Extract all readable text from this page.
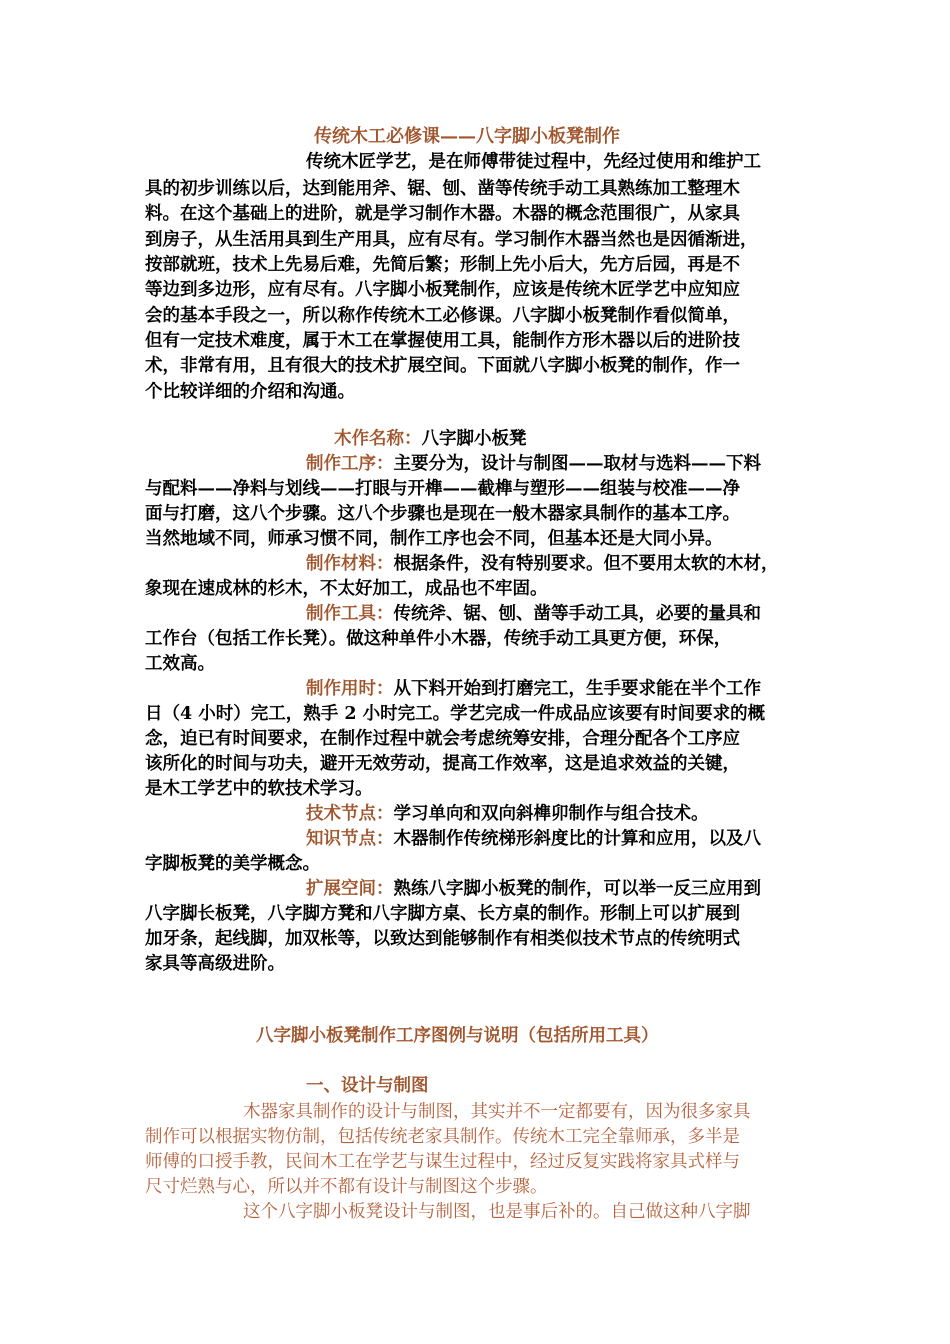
传统木工必修课——八字脚小板凳制作
传统木匠学艺，是在师傅带徒过程中，先经过使用和维护工
具的初步训练以后，达到能用斧、锯、刨、凿等传统手动工具熟练加工整理木
料。在这个基础上的进阶，就是学习制作木器。木器的概念范围很广，从家具
到房子，从生活用具到生产用具，应有尽有。学习制作木器当然也是因循渐进，
按部就班，技术上先易后难，先简后繁；形制上先小后大，先方后园，再是不
等边到多边形，应有尽有。八字脚小板凳制作，应该是传统木匠学艺中应知应
会的基本手段之一，所以称作传统木工必修课。八字脚小板凳制作看似简单，
但有一定技术难度，属于木工在掌握使用工具，能制作方形木器以后的进阶技
术，非常有用，且有很大的技术扩展空间。下面就八字脚小板凳的制作，作一
个比较详细的介绍和沟通。
木作名称：八字脚小板凳
制作工序：主要分为，设计与制图——取材与选料——下料
与配料——净料与划线——打眼与开榫——截榫与塑形——组装与校准——净
面与打磨，这八个步骤。这八个步骤也是现在一般木器家具制作的基本工序。
当然地域不同，师承习惯不同，制作工序也会不同，但基本还是大同小异。
制作材料：根据条件，没有特别要求。但不要用太软的木材，
象现在速成林的杉木，不太好加工，成品也不牢固。
制作工具：传统斧、锯、刨、凿等手动工具，必要的量具和
工作台（包括工作长凳）。做这种单件小木器，传统手动工具更方便，环保，
工效高。
制作用时：从下料开始到打磨完工，生手要求能在半个工作
日（4 小时）完工，熟手 2 小时完工。学艺完成一件成品应该要有时间要求的概
念，迫已有时间要求，在制作过程中就会考虑统筹安排，合理分配各个工序应
该所化的时间与功夫，避开无效劳动，提高工作效率，这是追求效益的关键，
是木工学艺中的软技术学习。
技术节点：学习单向和双向斜榫卯制作与组合技术。
知识节点：木器制作传统梯形斜度比的计算和应用，以及八
字脚板凳的美学概念。
扩展空间：熟练八字脚小板凳的制作，可以举一反三应用到
八字脚长板凳，八字脚方凳和八字脚方桌、长方桌的制作。形制上可以扩展到
加牙条，起线脚，加双枨等，以致达到能够制作有相类似技术节点的传统明式
家具等高级进阶。
八字脚小板凳制作工序图例与说明（包括所用工具）
一、设计与制图
木器家具制作的设计与制图，其实并不一定都要有，因为很多家具
制作可以根据实物仿制，包括传统老家具制作。传统木工完全靠师承，多半是
师傅的口授手教，民间木工在学艺与谋生过程中，经过反复实践将家具式样与
尺寸烂熟与心，所以并不都有设计与制图这个步骤。
这个八字脚小板凳设计与制图，也是事后补的。自己做这种八字脚
